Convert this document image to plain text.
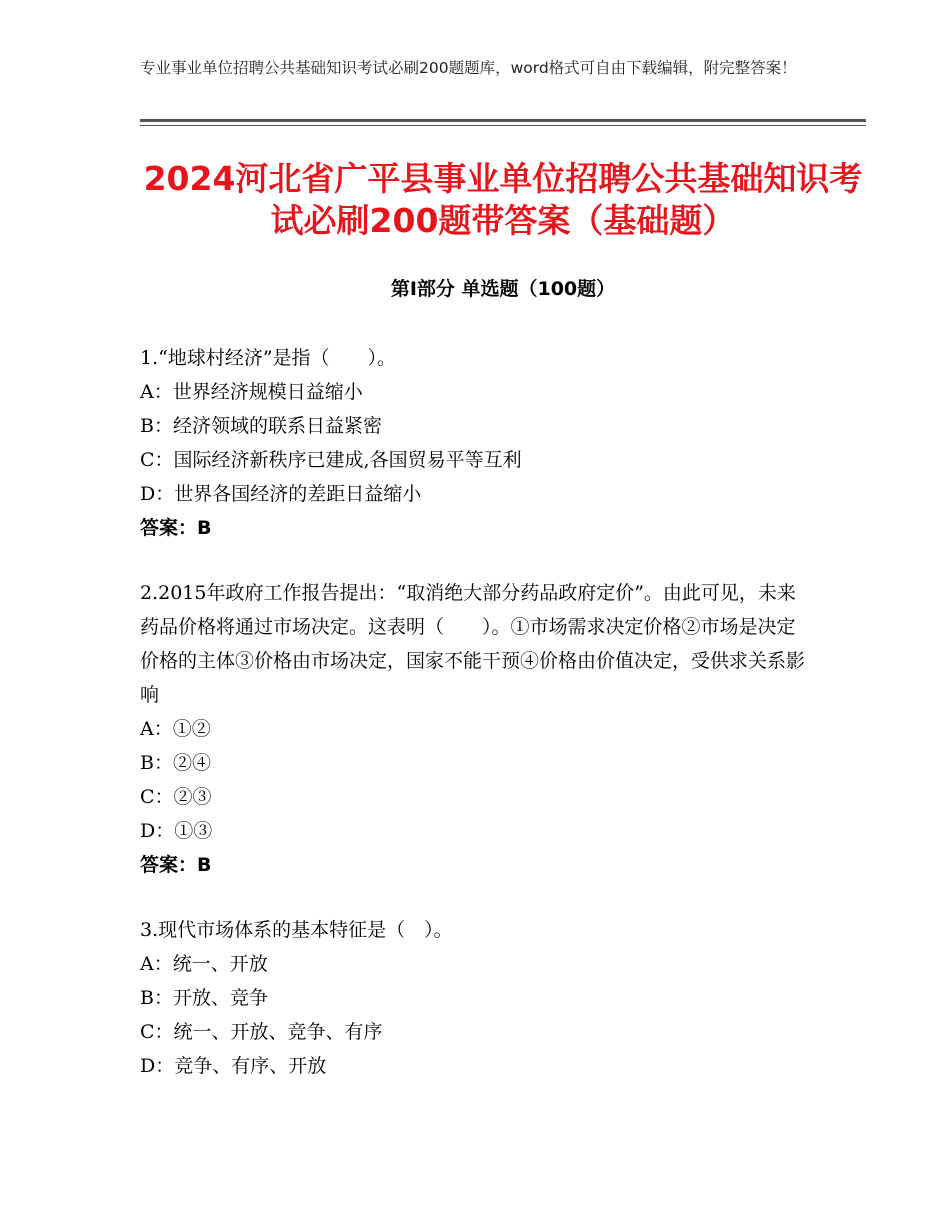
专业事业单位招聘公共基础知识考试必刷200题题库，word格式可自由下载编辑，附完整答案！
2024河北省广平县事业单位招聘公共基础知识考试必刷200题带答案（基础题）
第I部分 单选题（100题）

1.“地球村经济”是指（　　）。

A：世界经济规模日益缩小

B：经济领域的联系日益紧密

C：国际经济新秩序已建成,各国贸易平等互利

D：世界各国经济的差距日益缩小

答案：B

2.2015年政府工作报告提出：“取消绝大部分药品政府定价”。由此可见，未来药品价格将通过市场决定。这表明（　　）。①市场需求决定价格②市场是决定价格的主体③价格由市场决定，国家不能干预④价格由价值决定，受供求关系影响

A：①②

B：②④

C：②③

D：①③

答案：B

3.现代市场体系的基本特征是（　）。

A：统一、开放

B：开放、竞争

C：统一、开放、竞争、有序

D：竞争、有序、开放
